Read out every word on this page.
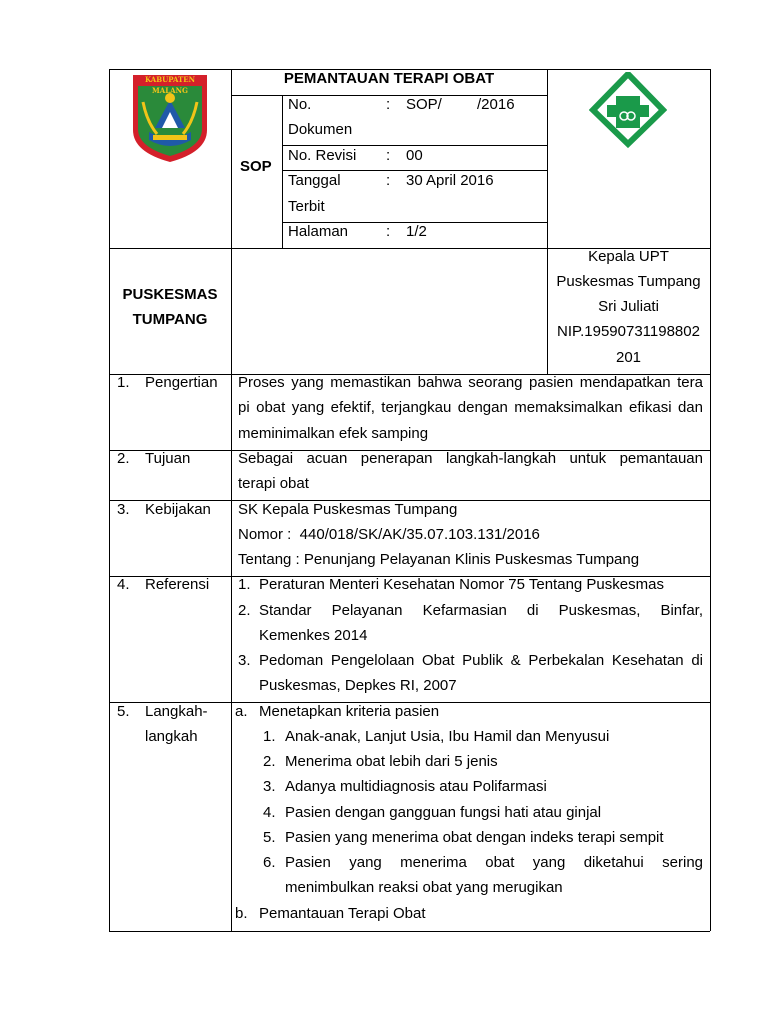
KABUPATEN MALANG
PEMANTAUAN TERAPI OBAT
SOP
No.
Dokumen
: SOP/ /2016
No. Revisi : 00
Tanggal
Terbit
: 30 April 2016
Halaman	: 1/2
PUSKESMAS
TUMPANG
Kepala UPT
Puskesmas Tumpang
Sri Juliati
NIP.19590731198802
201
1. Pengertian Proses yang memastikan bahwa seorang pasien mendapatkan tera
pi obat yang efektif, terjangkau dengan memaksimalkan efikasi dan
meminimalkan efek samping
2. Tujuan	Sebagai acuan penerapan langkah-langkah untuk pemantauan
terapi obat
3. Kebijakan SK Kepala Puskesmas Tumpang
Nomor :  440/018/SK/AK/35.07.103.131/2016
Tentang : Penunjang Pelayanan Klinis Puskesmas Tumpang
4. Referensi 1. Peraturan Menteri Kesehatan Nomor 75 Tentang Puskesmas
2. Standar Pelayanan Kefarmasian di Puskesmas, Binfar,
Kemenkes 2014
3. Pedoman Pengelolaan Obat Publik & Perbekalan Kesehatan di
Puskesmas, Depkes RI, 2007
5. Langkah-
langkah
a. Menetapkan kriteria pasien
1. Anak-anak, Lanjut Usia, Ibu Hamil dan Menyusui
2. Menerima obat lebih dari 5 jenis
3. Adanya multidiagnosis atau Polifarmasi
4. Pasien dengan gangguan fungsi hati atau ginjal
5. Pasien yang menerima obat dengan indeks terapi sempit
6. Pasien yang menerima obat yang diketahui sering
menimbulkan reaksi obat yang merugikan
b. Pemantauan Terapi Obat
